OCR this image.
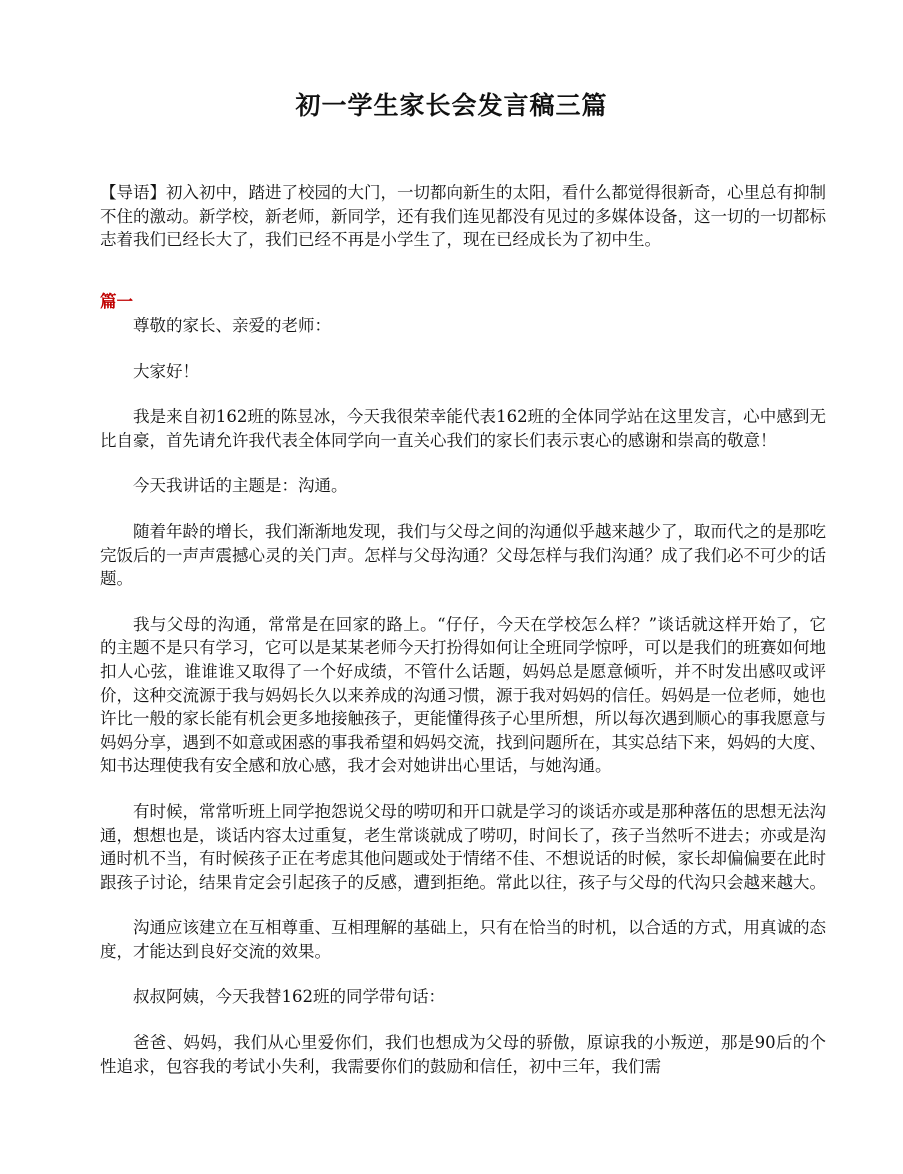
初一学生家长会发言稿三篇

【导语】初入初中，踏进了校园的大门，一切都向新生的太阳，看什么都觉得很新奇，心里总有抑制不住的激动。新学校，新老师，新同学，还有我们连见都没有见过的多媒体设备，这一切的一切都标志着我们已经长大了，我们已经不再是小学生了，现在已经成长为了初中生。

篇一

尊敬的家长、亲爱的老师：

大家好！

我是来自初162班的陈昱冰，今天我很荣幸能代表162班的全体同学站在这里发言，心中感到无比自豪，首先请允许我代表全体同学向一直关心我们的家长们表示衷心的感谢和崇高的敬意！

今天我讲话的主题是：沟通。

随着年龄的增长，我们渐渐地发现，我们与父母之间的沟通似乎越来越少了，取而代之的是那吃完饭后的一声声震撼心灵的关门声。怎样与父母沟通？父母怎样与我们沟通？成了我们必不可少的话题。

我与父母的沟通，常常是在回家的路上。“仔仔，今天在学校怎么样？”谈话就这样开始了，它的主题不是只有学习，它可以是某某老师今天打扮得如何让全班同学惊呼，可以是我们的班赛如何地扣人心弦，谁谁谁又取得了一个好成绩，不管什么话题，妈妈总是愿意倾听，并不时发出感叹或评价，这种交流源于我与妈妈长久以来养成的沟通习惯，源于我对妈妈的信任。妈妈是一位老师，她也许比一般的家长能有机会更多地接触孩子，更能懂得孩子心里所想，所以每次遇到顺心的事我愿意与妈妈分享，遇到不如意或困惑的事我希望和妈妈交流，找到问题所在，其实总结下来，妈妈的大度、知书达理使我有安全感和放心感，我才会对她讲出心里话，与她沟通。

有时候，常常听班上同学抱怨说父母的唠叨和开口就是学习的谈话亦或是那种落伍的思想无法沟通，想想也是，谈话内容太过重复，老生常谈就成了唠叨，时间长了，孩子当然听不进去；亦或是沟通时机不当，有时候孩子正在考虑其他问题或处于情绪不佳、不想说话的时候，家长却偏偏要在此时跟孩子讨论，结果肯定会引起孩子的反感，遭到拒绝。常此以往，孩子与父母的代沟只会越来越大。

沟通应该建立在互相尊重、互相理解的基础上，只有在恰当的时机，以合适的方式，用真诚的态度，才能达到良好交流的效果。

叔叔阿姨，今天我替162班的同学带句话：

爸爸、妈妈，我们从心里爱你们，我们也想成为父母的骄傲，原谅我的小叛逆，那是90后的个性追求，包容我的考试小失利，我需要你们的鼓励和信任，初中三年，我们需
